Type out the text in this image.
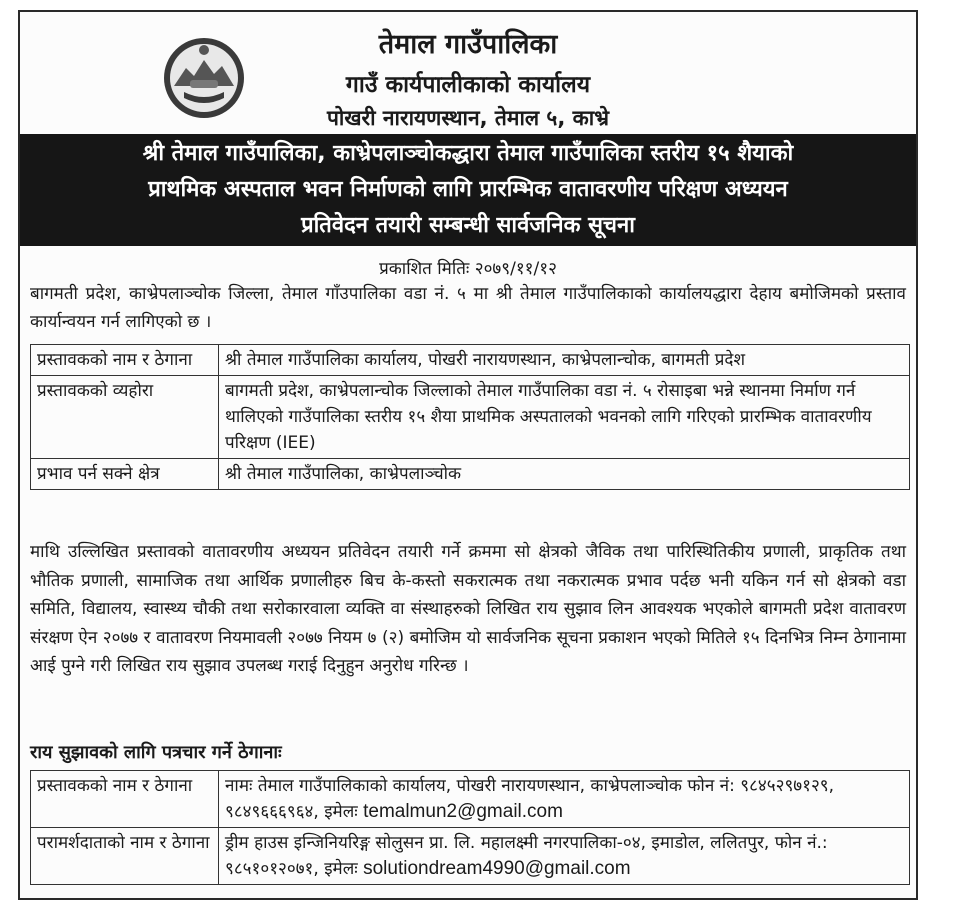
तेमाल गाउँपालिका
गाउँ कार्यपालीकाको कार्यालय
पोखरी नारायणस्थान, तेमाल ५, काभ्रे
श्री तेमाल गाउँपालिका, काभ्रेपलाञ्चोकद्धारा तेमाल गाउँपालिका स्तरीय १५ शैयाको
प्राथमिक अस्पताल भवन निर्माणको लागि प्रारम्भिक वातावरणीय परिक्षण अध्ययन
प्रतिवेदन तयारी सम्बन्धी सार्वजनिक सूचना
प्रकाशित मितिः २०७९/११/१२
बागमती प्रदेश, काभ्रेपलाञ्चोक जिल्ला, तेमाल गाँउपालिका वडा नं. ५ मा श्री तेमाल गाउँपालिकाको कार्यालयद्धारा देहाय बमोजिमको प्रस्ताव कार्यान्वयन गर्न लागिएको छ ।
प्रस्तावकको नाम र ठेगाना	श्री तेमाल गाउँपालिका कार्यालय, पोखरी नारायणस्थान, काभ्रेपलान्चोक, बागमती प्रदेश
प्रस्तावकको व्यहोरा	बागमती प्रदेश, काभ्रेपलान्चोक जिल्लाको तेमाल गाउँपालिका वडा नं. ५ रोसाइबा भन्ने स्थानमा निर्माण गर्न थालिएको गाउँपालिका स्तरीय १५ शैया प्राथमिक अस्पतालको भवनको लागि गरिएको प्रारम्भिक वातावरणीय परिक्षण (IEE)
प्रभाव पर्न सक्ने क्षेत्र	श्री तेमाल गाउँपालिका, काभ्रेपलाञ्चोक
माथि उल्लिखित प्रस्तावको वातावरणीय अध्ययन प्रतिवेदन तयारी गर्ने क्रममा सो क्षेत्रको जैविक तथा पारिस्थितिकीय प्रणाली, प्राकृतिक तथा भौतिक प्रणाली, सामाजिक तथा आर्थिक प्रणालीहरु बिच के-कस्तो सकरात्मक तथा नकरात्मक प्रभाव पर्दछ भनी यकिन गर्न सो क्षेत्रको वडा समिति, विद्यालय, स्वास्थ्य चौकी तथा सरोकारवाला व्यक्ति वा संस्थाहरुको लिखित राय सुझाव लिन आवश्यक भएकोले बागमती प्रदेश वातावरण संरक्षण ऐन २०७७ र वातावरण नियमावली २०७७ नियम ७ (२) बमोजिम यो सार्वजनिक सूचना प्रकाशन भएको मितिले १५ दिनभित्र निम्न ठेगानामा आई पुग्ने गरी लिखित राय सुझाव उपलब्ध गराई दिनुहुन अनुरोध गरिन्छ ।
राय सुझावको लागि पत्रचार गर्ने ठेगानाः
प्रस्तावकको नाम र ठेगाना	नामः तेमाल गाउँपालिकाको कार्यालय, पोखरी नारायणस्थान, काभ्रेपलाञ्चोक फोन नं: ९८४५२९७१२९, ९८४९६६६९६४, इमेलः temalmun2@gmail.com
परामर्शदाताको नाम र ठेगाना	ड्रीम हाउस इन्जिनियरिङ्ग सोलुसन प्रा. लि. महालक्ष्मी नगरपालिका-०४, इमाडोल, ललितपुर, फोन नं.: ९८५१०१२०७१, इमेलः solutiondream4990@gmail.com
